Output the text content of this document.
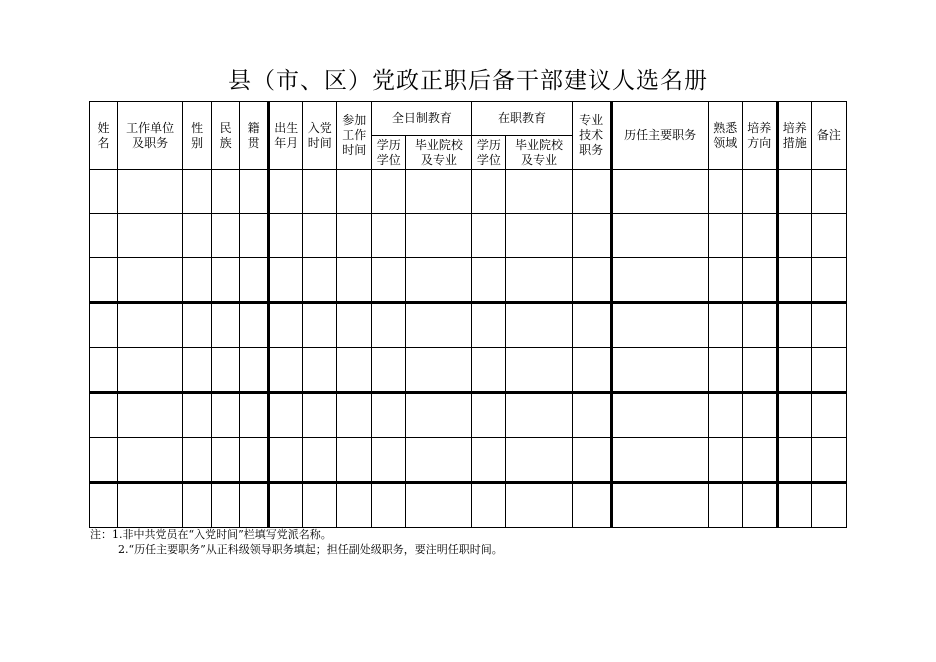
县（市、区）党政正职后备干部建议人选名册
姓名	工作单位及职务	性别	民族	籍贯	出生年月	入党时间	参加工作时间	全日制教育		在职教育		专业技术职务	历任主要职务	熟悉领域	培养方向	培养措施	备注
								学历学位	毕业院校及专业	学历学位	毕业院校及专业						

注：1.非中共党员在“入党时间”栏填写党派名称。
2.“历任主要职务”从正科级领导职务填起；担任副处级职务，要注明任职时间。
